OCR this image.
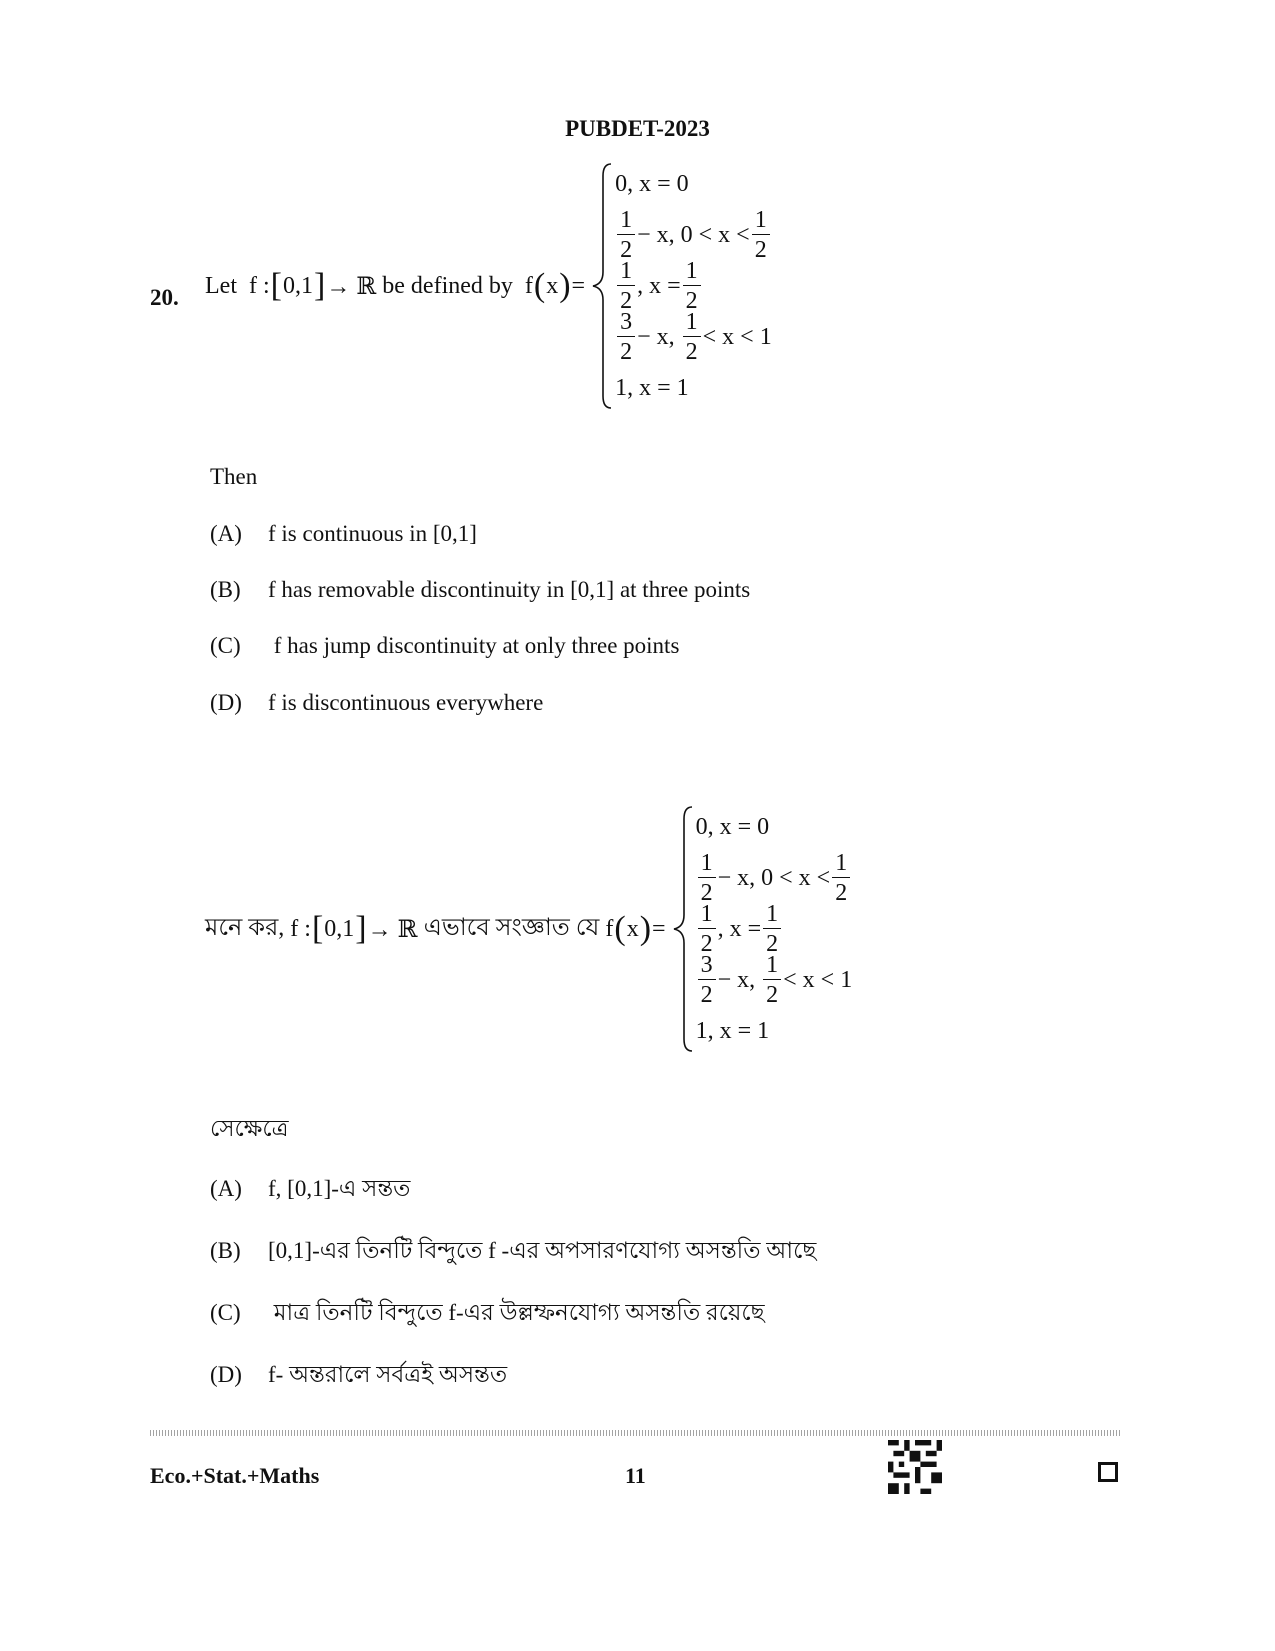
PUBDET-2023
20. Let
f : [ 0,1 ] → ℝ
be defined by
f ( x ) =
0, x = 0
$\frac{1}{2} - x$, $0 < x < \frac{1}{2}$
$\frac{1}{2}$ , $x = \frac{1}{2}$
$\frac{3}{2} - x$,
$\frac{1}{2} < x < 1$
1, x = 1
Then
(A) f is continuous in [0,1]
(B) f has removable discontinuity in [0,1] at three points
(C) f has jump discontinuity at only three points
(D) f is discontinuous everywhere
মনে কর,
f : [ 0,1 ] → ℝ
এভাবে সংজ্ঞাত যে
f ( x ) =
0, x = 0
$\frac{1}{2} - x$, $0 < x < \frac{1}{2}$
$\frac{1}{2}$ , $x = \frac{1}{2}$
$\frac{3}{2} - x$,
$\frac{1}{2} < x < 1$
1, x = 1
সেক্ষেত্রে
(A) f, [0,1]-এ সন্তত
(B) [0,1]-এর তিনটি বিন্দুতে f -এর অপসারণযোগ্য অসন্ততি আছে
(C) মাত্র তিনটি বিন্দুতে f-এর উল্লম্ফনযোগ্য অসন্ততি রয়েছে
(D) f- অন্তরালে সর্বত্রই অসন্তত
Eco.+Stat.+Maths	11
